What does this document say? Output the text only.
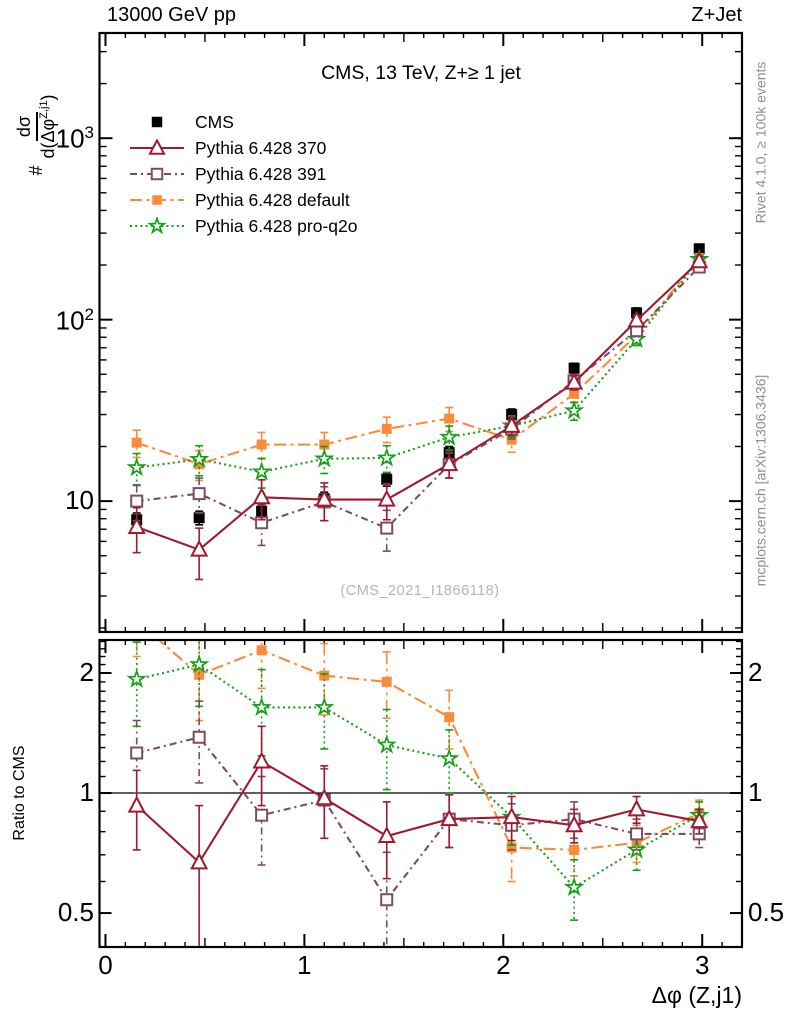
13000 GeV pp	Z+Jet
CMS, 13 TeV, Z+≥ 1 jet
#
dσ $d(\Delta\varphi^{Z,j1})$
Ratio to CMS
Δφ (Z,j1)
(CMS_2021_I1866118)
Rivet 4.1.0, ≥ 100k events
mcplots.cern.ch [arXiv:1306.3436]
CMS
Pythia 6.428 370
Pythia 6.428 391
Pythia 6.428 default
Pythia 6.428 pro-q2o
10
$10^2$
$10^3$
0.5	0.5
1	1
2	2
0	1	2	3
